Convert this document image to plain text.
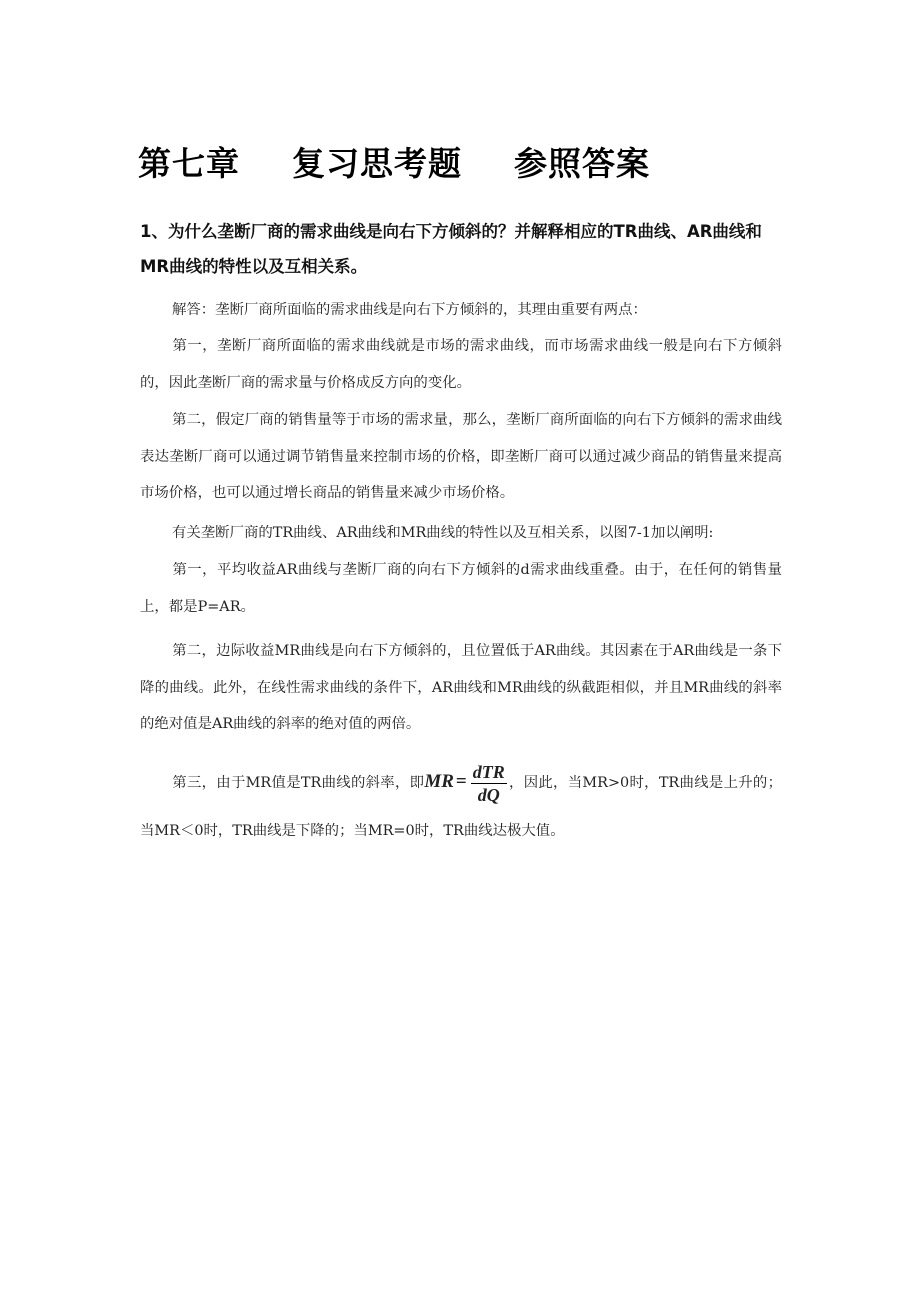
第七章 复习思考题 参照答案
1、为什么垄断厂商的需求曲线是向右下方倾斜的？并解释相应的TR曲线、AR曲线和MR曲线的特性以及互相关系。
解答：垄断厂商所面临的需求曲线是向右下方倾斜的，其理由重要有两点：
第一，垄断厂商所面临的需求曲线就是市场的需求曲线，而市场需求曲线一般是向右下方倾斜的，因此垄断厂商的需求量与价格成反方向的变化。
第二，假定厂商的销售量等于市场的需求量，那么，垄断厂商所面临的向右下方倾斜的需求曲线表达垄断厂商可以通过调节销售量来控制市场的价格，即垄断厂商可以通过减少商品的销售量来提高市场价格，也可以通过增长商品的销售量来减少市场价格。
有关垄断厂商的TR曲线、AR曲线和MR曲线的特性以及互相关系，以图7-1加以阐明:
第一，平均收益AR曲线与垄断厂商的向右下方倾斜的d需求曲线重叠。由于，在任何的销售量上，都是P=AR。
第二，边际收益MR曲线是向右下方倾斜的，且位置低于AR曲线。其因素在于AR曲线是一条下降的曲线。此外，在线性需求曲线的条件下，AR曲线和MR曲线的纵截距相似，并且MR曲线的斜率的绝对值是AR曲线的斜率的绝对值的两倍。
第三，由于MR值是TR曲线的斜率，即MR = $\frac{\text{dTR}}{dQ}$ ，因此，当MR>0时，TR曲线是上升的；当MR＜0时，TR曲线是下降的；当MR=0时，TR曲线达极大值。
